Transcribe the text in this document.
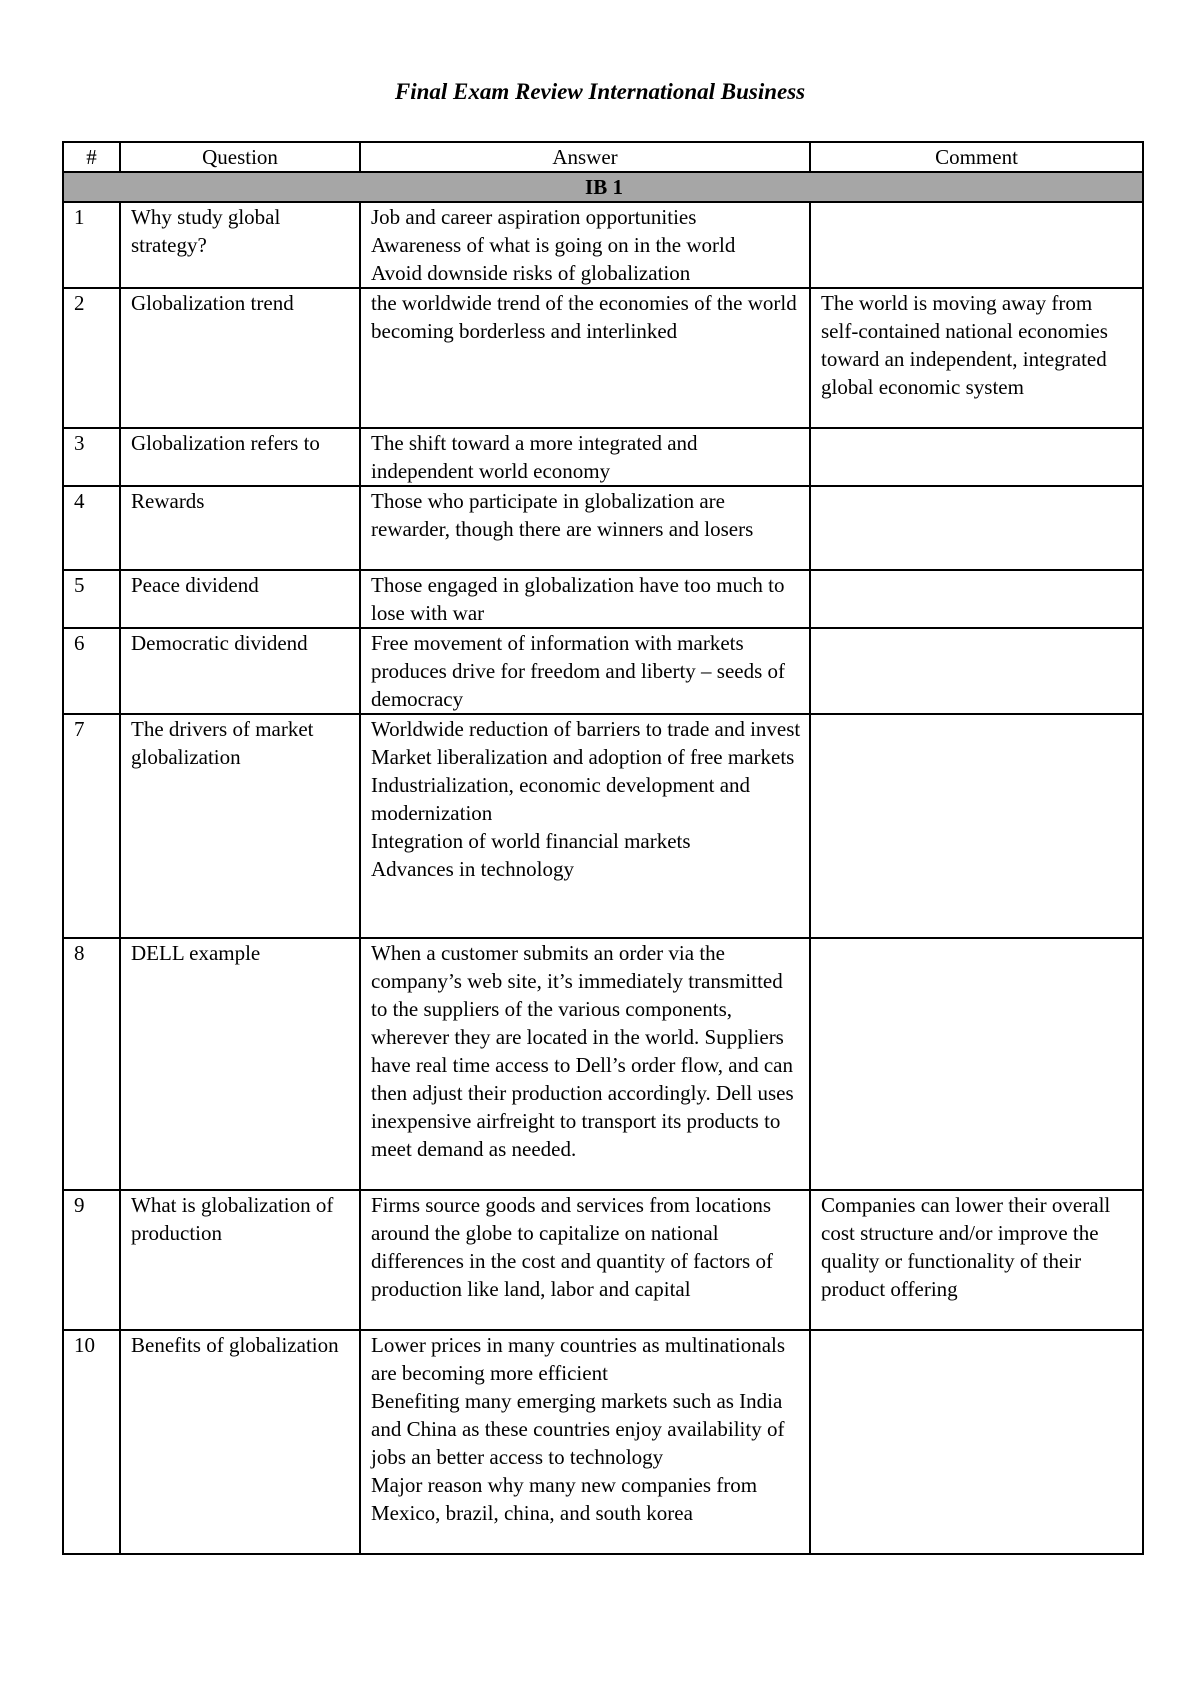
Final Exam Review International Business
#	Question	Answer	Comment
IB 1			
1	Why study global strategy?	Job and career aspiration opportunities
Awareness of what is going on in the world
Avoid downside risks of globalization	

2	Globalization trend	the worldwide trend of the economies of the world becoming borderless and interlinked	The world is moving away from self-contained national economies toward an independent, integrated global economic system
3	Globalization refers to	The shift toward a more integrated and independent world economy	

4	Rewards	Those who participate in globalization are rewarder, though there are winners and losers	

5	Peace dividend	Those engaged in globalization have too much to lose with war	

6	Democratic dividend	Free movement of information with markets produces drive for freedom and liberty – seeds of democracy	

7	The drivers of market globalization	Worldwide reduction of barriers to trade and invest
Market liberalization and adoption of free markets
Industrialization, economic development and modernization
Integration of world financial markets
Advances in technology	

8	DELL example	When a customer submits an order via the company’s web site, it’s immediately transmitted to the suppliers of the various components, wherever they are located in the world. Suppliers have real time access to Dell’s order flow, and can then adjust their production accordingly. Dell uses inexpensive airfreight to transport its products to meet demand as needed.	

9	What is globalization of production	Firms source goods and services from locations around the globe to capitalize on national differences in the cost and quantity of factors of production like land, labor and capital	Companies can lower their overall cost structure and/or improve the quality or functionality of their product offering
10	Benefits of globalization	Lower prices in many countries as multinationals are becoming more efficient
Benefiting many emerging markets such as India and China as these countries enjoy availability of jobs an better access to technology
Major reason why many new companies from Mexico, brazil, china, and south korea	
